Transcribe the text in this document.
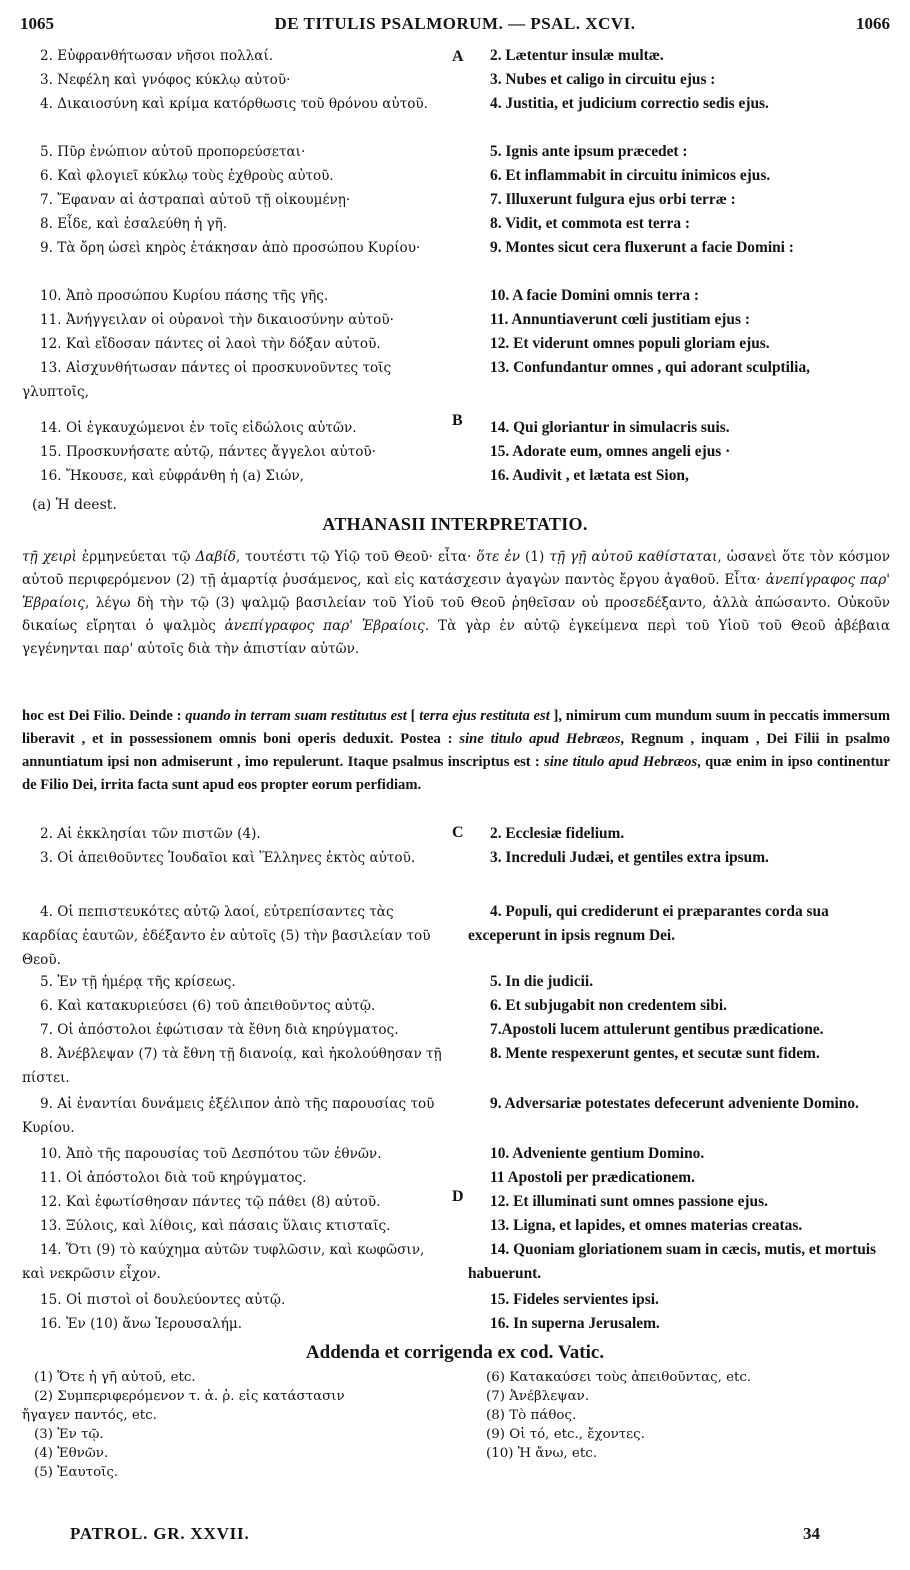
1065	DE TITULIS PSALMORUM. — PSAL. XCVI.	1066
2. Εὐφρανθήτωσαν νῆσοι πολλαί.	2. Lætentur insulæ multæ.
3. Νεφέλη καὶ γνόφος κύκλῳ αὐτοῦ·	3. Nubes et caligo in circuitu ejus :
4. Δικαιοσύνη καὶ κρίμα κατόρθωσις τοῦ θρόνου αὐτοῦ.	4. Justitia, et judicium correctio sedis ejus.
5. Πῦρ ἐνώπιον αὐτοῦ προπορεύσεται·	5. Ignis ante ipsum præcedet :
6. Καὶ φλογιεῖ κύκλῳ τοὺς ἐχθροὺς αὐτοῦ.	6. Et inflammabit in circuitu inimicos ejus.
7. Ἔφαναν αἱ ἀστραπαὶ αὐτοῦ τῇ οἰκουμένῃ·	7. Illuxerunt fulgura ejus orbi terræ :
8. Εἶδε, καὶ ἐσαλεύθη ἡ γῆ.	8. Vidit, et commota est terra :
9. Τὰ ὄρη ὡσεὶ κηρὸς ἐτάκησαν ἀπὸ προσώπου Κυρίου·	9. Montes sicut cera fluxerunt a facie Domini :
10. Ἀπὸ προσώπου Κυρίου πάσης τῆς γῆς.	10. A facie Domini omnis terra :
11. Ἀνήγγειλαν οἱ οὐρανοὶ τὴν δικαιοσύνην αὐτοῦ·	11. Annuntiaverunt cœli justitiam ejus :
12. Καὶ εἴδοσαν πάντες οἱ λαοὶ τὴν δόξαν αὐτοῦ.	12. Et viderunt omnes populi gloriam ejus.
13. Αἰσχυνθήτωσαν πάντες οἱ προσκυνοῦντες τοῖς γλυπτοῖς,
13. Confundantur omnes , qui adorant sculptilia,
14. Οἱ ἐγκαυχώμενοι ἐν τοῖς εἰδώλοις αὐτῶν.	14. Qui gloriantur in simulacris suis.
15. Προσκυνήσατε αὐτῷ, πάντες ἄγγελοι αὐτοῦ·	15. Adorate eum, omnes angeli ejus ·
16. Ἤκουσε, καὶ εὐφράνθη ἡ (a) Σιών,	16. Audivit , et lætata est Sion,
A
B
(a) Ἡ deest.
ATHANASII INTERPRETATIO.
τῇ χειρὶ ἑρμηνεύεται τῷ Δαβίδ, τουτέστι τῷ Υἱῷ τοῦ Θεοῦ· εἶτα· ὅτε ἐν (1) τῇ γῇ αὐτοῦ καθίσταται, ὡσανεὶ ὅτε τὸν κόσμον αὐτοῦ περιφερόμενον (2) τῇ ἁμαρτίᾳ ῥυσάμενος, καὶ εἰς κατάσχεσιν ἀγαγὼν παντὸς ἔργου ἀγαθοῦ. Εἶτα· ἀνεπίγραφος παρ' Ἑβραίοις, λέγω δὴ τὴν τῷ (3) ψαλμῷ βασιλείαν τοῦ Υἱοῦ τοῦ Θεοῦ ῥηθεῖσαν οὐ προσεδέξαντο, ἀλλὰ ἀπώσαντο. Οὐκοῦν δικαίως εἴρηται ὁ ψαλμὸς ἀνεπίγραφος παρ' Ἑβραίοις. Τὰ γὰρ ἐν αὐτῷ ἐγκείμενα περὶ τοῦ Υἱοῦ τοῦ Θεοῦ ἀβέβαια γεγένηνται παρ' αὐτοῖς διὰ τὴν ἀπιστίαν αὐτῶν.
hoc est Dei Filio. Deinde : quando in terram suam restitutus est [ terra ejus restituta est ], nimirum cum mundum suum in peccatis immersum liberavit , et in possessionem omnis boni operis deduxit. Postea : sine titulo apud Hebræos, Regnum , inquam , Dei Filii in psalmo annuntiatum ipsi non admiserunt , imo repulerunt. Itaque psalmus inscriptus est : sine titulo apud Hebræos, quæ enim in ipso continentur de Filio Dei, irrita facta sunt apud eos propter eorum perfidiam.
2. Αἱ ἐκκλησίαι τῶν πιστῶν (4).	2. Ecclesiæ fidelium.
3. Οἱ ἀπειθοῦντες Ἰουδαῖοι καὶ Ἕλληνες ἐκτὸς αὐτοῦ.	3. Increduli Judæi, et gentiles extra ipsum.
4. Οἱ πεπιστευκότες αὐτῷ λαοί, εὐτρεπίσαντες τὰς καρδίας ἑαυτῶν, ἐδέξαντο ἐν αὐτοῖς (5) τὴν βασιλείαν τοῦ Θεοῦ.
4. Populi, qui crediderunt ei præparantes corda sua exceperunt in ipsis regnum Dei.
5. Ἐν τῇ ἡμέρᾳ τῆς κρίσεως.	5. In die judicii.
6. Καὶ κατακυριεύσει (6) τοῦ ἀπειθοῦντος αὐτῷ.	6. Et subjugabit non credentem sibi.
7. Οἱ ἀπόστολοι ἐφώτισαν τὰ ἔθνη διὰ κηρύγματος.	7.Apostoli lucem attulerunt gentibus prædicatione.
8. Ἀνέβλεψαν (7) τὰ ἔθνη τῇ διανοίᾳ, καὶ ἠκολούθησαν τῇ πίστει.
8. Mente respexerunt gentes, et secutæ sunt fidem.
9. Αἱ ἐναντίαι δυνάμεις ἐξέλιπον ἀπὸ τῆς παρουσίας τοῦ Κυρίου.
9. Adversariæ potestates defecerunt adveniente Domino.
10. Ἀπὸ τῆς παρουσίας τοῦ Δεσπότου τῶν ἐθνῶν.	10. Adveniente gentium Domino.
11. Οἱ ἀπόστολοι διὰ τοῦ κηρύγματος.	11 Apostoli per prædicationem.
12. Καὶ ἐφωτίσθησαν πάντες τῷ πάθει (8) αὐτοῦ.	12. Et illuminati sunt omnes passione ejus.
13. Ξύλοις, καὶ λίθοις, καὶ πάσαις ὕλαις κτισταῖς.	13. Ligna, et lapides, et omnes materias creatas.
14. Ὅτι (9) τὸ καύχημα αὐτῶν τυφλῶσιν, καὶ κωφῶσιν, καὶ νεκρῶσιν εἶχον.
14. Quoniam gloriationem suam in cæcis, mutis, et mortuis habuerunt.
15. Οἱ πιστοὶ οἱ δουλεύοντες αὐτῷ.	15. Fideles servientes ipsi.
16. Ἐν (10) ἄνω Ἱερουσαλήμ.	16. In superna Jerusalem.
C
D
Addenda et corrigenda ex cod. Vatic.
(1) Ὅτε ἡ γῆ αὐτοῦ, etc.
(2) Συμπεριφερόμενον τ. ἁ. ῥ. εἰς κατάστασιν
ἤγαγεν παντός, etc.
(3) Ἐν τῷ.
(4) Ἐθνῶν.
(5) Ἑαυτοῖς.
(6) Κατακαύσει τοὺς ἀπειθοῦντας, etc.
(7) Ἀνέβλεψαν.
(8) Τὸ πάθος.
(9) Οἱ τό, etc., ἔχοντες.
(10) Ἡ ἄνω, etc.
PATROL. GR. XXVII.	34
